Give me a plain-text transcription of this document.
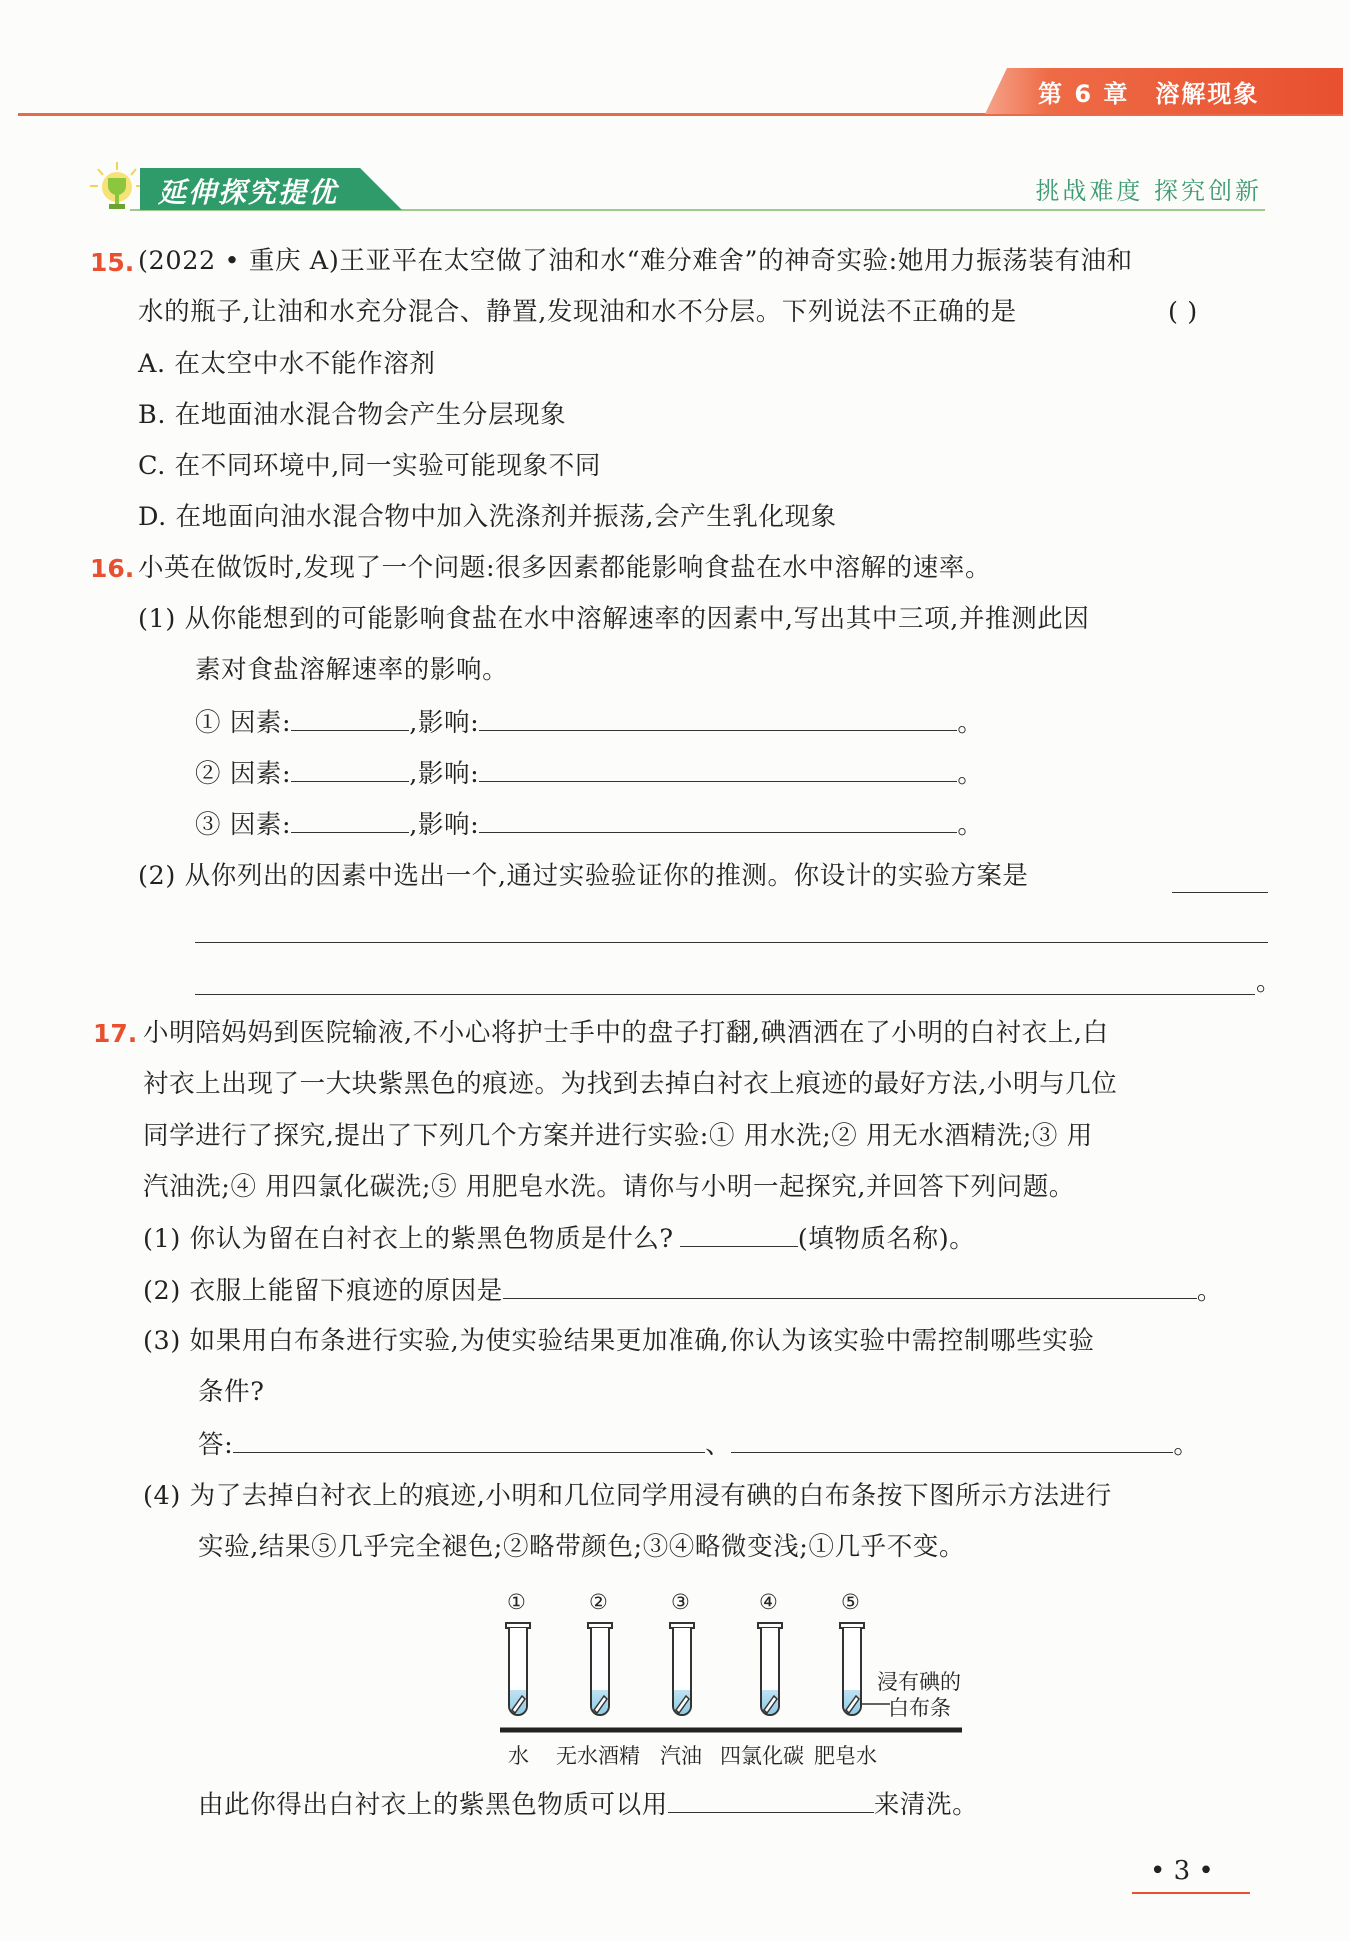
第 6 章 溶解现象
延伸探究提优	挑战难度 探究创新
15. (2022 • 重庆 A)王亚平在太空做了油和水“难分难舍”的神奇实验:她用力振荡装有油和
水的瓶子,让油和水充分混合、静置,发现油和水不分层。下列说法不正确的是	( )
A. 在太空中水不能作溶剂
B. 在地面油水混合物会产生分层现象
C. 在不同环境中,同一实验可能现象不同
D. 在地面向油水混合物中加入洗涤剂并振荡,会产生乳化现象
16. 小英在做饭时,发现了一个问题:很多因素都能影响食盐在水中溶解的速率。
(1) 从你能想到的可能影响食盐在水中溶解速率的因素中,写出其中三项,并推测此因
素对食盐溶解速率的影响。
① 因素:	,影响:	。
② 因素:	,影响:	。
③ 因素:	,影响:	。
(2) 从你列出的因素中选出一个,通过实验验证你的推测。你设计的实验方案是
。
17. 小明陪妈妈到医院输液,不小心将护士手中的盘子打翻,碘酒洒在了小明的白衬衣上,白
衬衣上出现了一大块紫黑色的痕迹。为找到去掉白衬衣上痕迹的最好方法,小明与几位
同学进行了探究,提出了下列几个方案并进行实验:① 用水洗;② 用无水酒精洗;③ 用
汽油洗;④ 用四氯化碳洗;⑤ 用肥皂水洗。请你与小明一起探究,并回答下列问题。
(1) 你认为留在白衬衣上的紫黑色物质是什么?	(填物质名称)。
(2) 衣服上能留下痕迹的原因是	。
(3) 如果用白布条进行实验,为使实验结果更加准确,你认为该实验中需控制哪些实验
条件?
答:	、	。
(4) 为了去掉白衬衣上的痕迹,小明和几位同学用浸有碘的白布条按下图所示方法进行
实验,结果⑤几乎完全褪色;②略带颜色;③④略微变浅;①几乎不变。
①	②	③	④	⑤
浸有碘的
白布条
水 无水酒精 汽油 四氯化碳 肥皂水
由此你得出白衬衣上的紫黑色物质可以用	来清洗。
• 3 •
